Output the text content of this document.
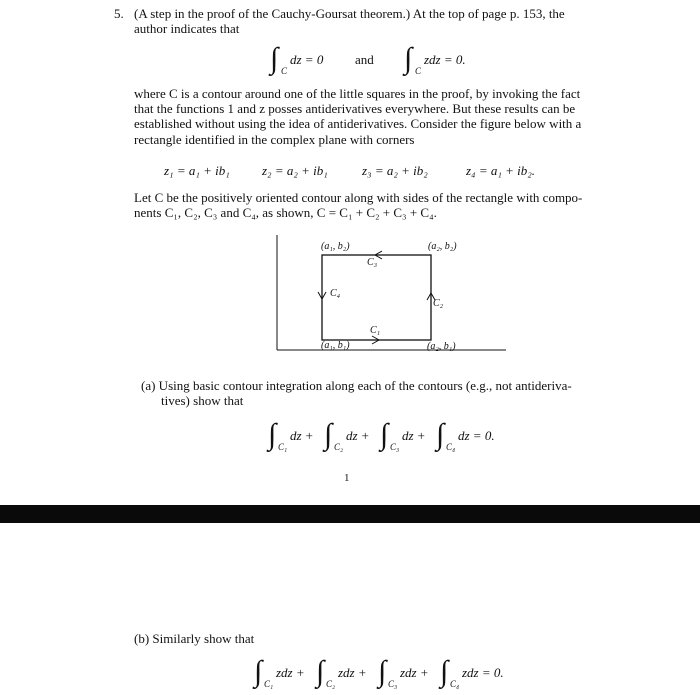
5. (A step in the proof of the Cauchy-Goursat theorem.) At the top of page p. 153, the
author indicates that
∫ C
dz = 0 and ∫ C
zdz = 0.
where C is a contour around one of the little squares in the proof, by invoking the fact
that the functions 1 and z posses antiderivatives everywhere. But these results can be
established without using the idea of antiderivatives. Consider the figure below with a
rectangle identified in the complex plane with corners
z₁ = a₁ + ib₁ z₂ = a₂ + ib₁	z₃ = a₂ + ib₂	z₄ = a₁ + ib₂.
Let C be the positively oriented contour along with sides of the rectangle with compo-
nents C₁, C₂, C₃ and C₄, as shown, C = C₁ + C₂ + C₃ + C₄.
(a₁, b₂)	(a₂, b₂)
(a₁, b₁)	(a₂, b₁)
C₃
C₄
C₂
C₁
(a) Using basic contour integration along each of the contours (e.g., not antideriva-
tives) show that
∫ C₁
dz + ∫ C₂
dz + ∫ C₃
dz + ∫ C₄
dz = 0.
1
(b) Similarly show that
∫ C₁
zdz + ∫ C₂
zdz + ∫ C₃
zdz + ∫ C₄
zdz = 0.
